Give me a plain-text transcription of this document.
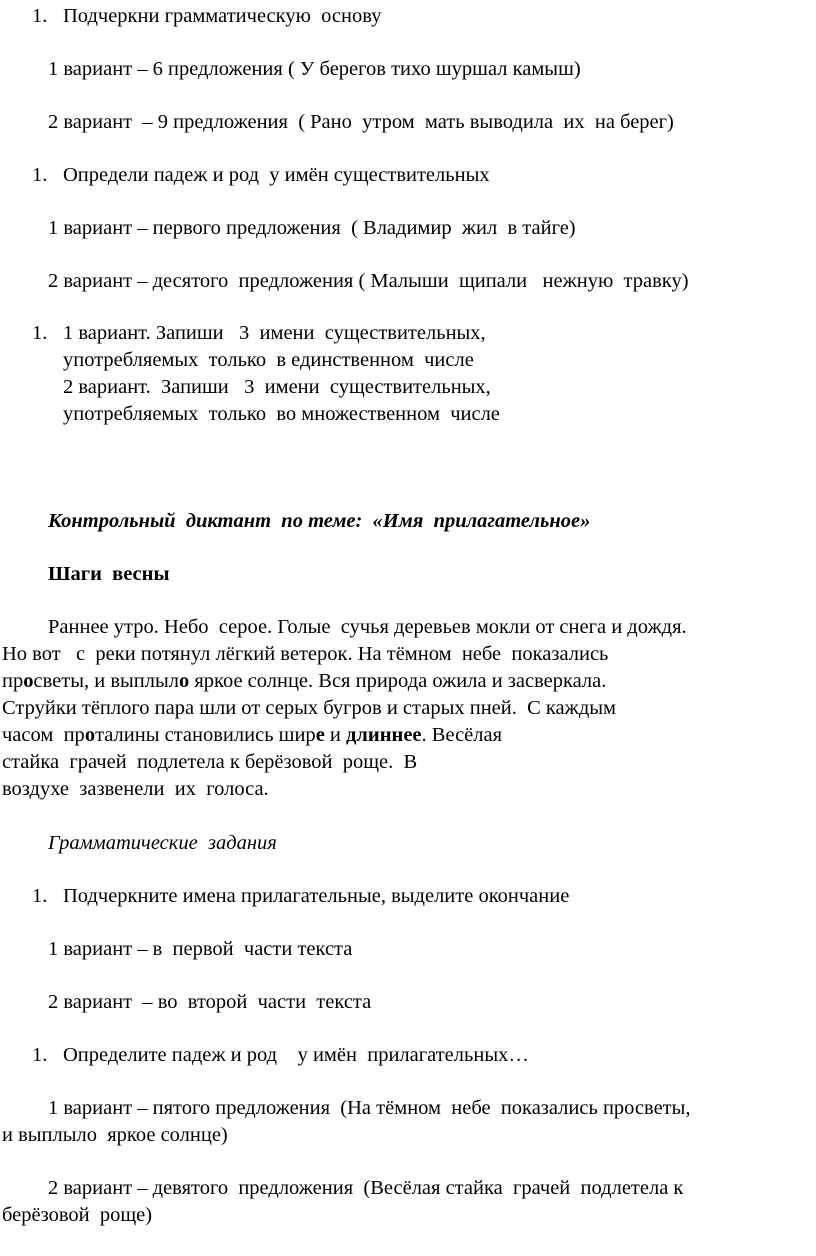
1. Подчеркни грамматическую  основу
1 вариант – 6 предложения ( У берегов тихо шуршал камыш)
2 вариант  – 9 предложения  ( Рано  утром  мать выводила  их  на берег)
1. Определи падеж и род  у имён существительных
1 вариант – первого предложения  ( Владимир  жил  в тайге)
2 вариант – десятого  предложения ( Малыши  щипали   нежную  травку)
1. 1 вариант. Запиши   3  имени  существительных,
употребляемых  только  в единственном  числе
2 вариант.  Запиши   3  имени  существительных,
употребляемых  только  во множественном  числе
Контрольный  диктант  по теме:  «Имя  прилагательное»
Шаги  весны
Раннее утро. Небо  серое. Голые  сучья деревьев мокли от снега и дождя.
Но вот   с  реки потянул лёгкий ветерок. На тёмном  небе  показались
просветы, и выплыло яркое солнце. Вся природа ожила и засверкала.
Струйки тёплого пара шли от серых бугров и старых пней.  С каждым
часом  проталины становились шире и длиннее. Весёлая
стайка  грачей  подлетела к берёзовой  роще.  В
воздухе  зазвенели  их  голоса.
Грамматические  задания
1. Подчеркните имена прилагательные, выделите окончание
1 вариант – в  первой  части текста
2 вариант  – во  второй  части  текста
1. Определите падеж и род    у имён  прилагательных…
1 вариант – пятого предложения  (На тёмном  небе  показались просветы,
и выплыло  яркое солнце)
2 вариант – девятого  предложения  (Весёлая стайка  грачей  подлетела к
берёзовой  роще)
